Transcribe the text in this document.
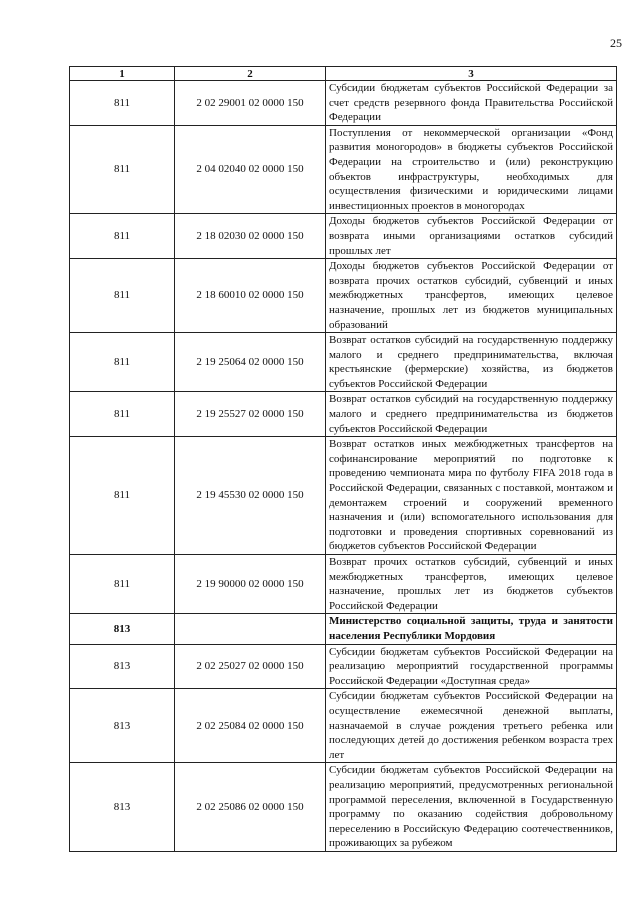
25
1	2	3
811	2 02 29001 02 0000 150	Субсидии бюджетам субъектов Российской Федерации за счет средств резервного фонда Правительства Российской Федерации
811	2 04 02040 02 0000 150	Поступления от некоммерческой организации «Фонд развития моногородов» в бюджеты субъектов Российской Федерации на строительство и (или) реконструкцию объектов инфраструктуры, необходимых для осуществления физическими и юридическими лицами инвестиционных проектов в моногородах
811	2 18 02030 02 0000 150	Доходы бюджетов субъектов Российской Федерации от возврата иными организациями остатков субсидий прошлых лет
811	2 18 60010 02 0000 150	Доходы бюджетов субъектов Российской Федерации от возврата прочих остатков субсидий, субвенций и иных межбюджетных трансфертов, имеющих целевое назначение, прошлых лет из бюджетов муниципальных образований
811	2 19 25064 02 0000 150	Возврат остатков субсидий на государственную поддержку малого и среднего предпринимательства, включая крестьянские (фермерские) хозяйства, из бюджетов субъектов Российской Федерации
811	2 19 25527 02 0000 150	Возврат остатков субсидий на государственную поддержку малого и среднего предпринимательства из бюджетов субъектов Российской Федерации
811	2 19 45530 02 0000 150	Возврат остатков иных межбюджетных трансфертов на софинансирование мероприятий по подготовке к проведению чемпионата мира по футболу FIFA 2018 года в Российской Федерации, связанных с поставкой, монтажом и демонтажем строений и сооружений временного назначения и (или) вспомогательного использования для подготовки и проведения спортивных соревнований из бюджетов субъектов Российской Федерации
811	2 19 90000 02 0000 150	Возврат прочих остатков субсидий, субвенций и иных межбюджетных трансфертов, имеющих целевое назначение, прошлых лет из бюджетов субъектов Российской Федерации
813		Министерство социальной защиты, труда и занятости населения Республики Мордовия
813	2 02 25027 02 0000 150	Субсидии бюджетам субъектов Российской Федерации на реализацию мероприятий государственной программы Российской Федерации «Доступная среда»
813	2 02 25084 02 0000 150	Субсидии бюджетам субъектов Российской Федерации на осуществление ежемесячной денежной выплаты, назначаемой в случае рождения третьего ребенка или последующих детей до достижения ребенком возраста трех лет
813	2 02 25086 02 0000 150	Субсидии бюджетам субъектов Российской Федерации на реализацию мероприятий, предусмотренных региональной программой переселения, включенной в Государственную программу по оказанию содействия добровольному переселению в Российскую Федерацию соотечественников, проживающих за рубежом
